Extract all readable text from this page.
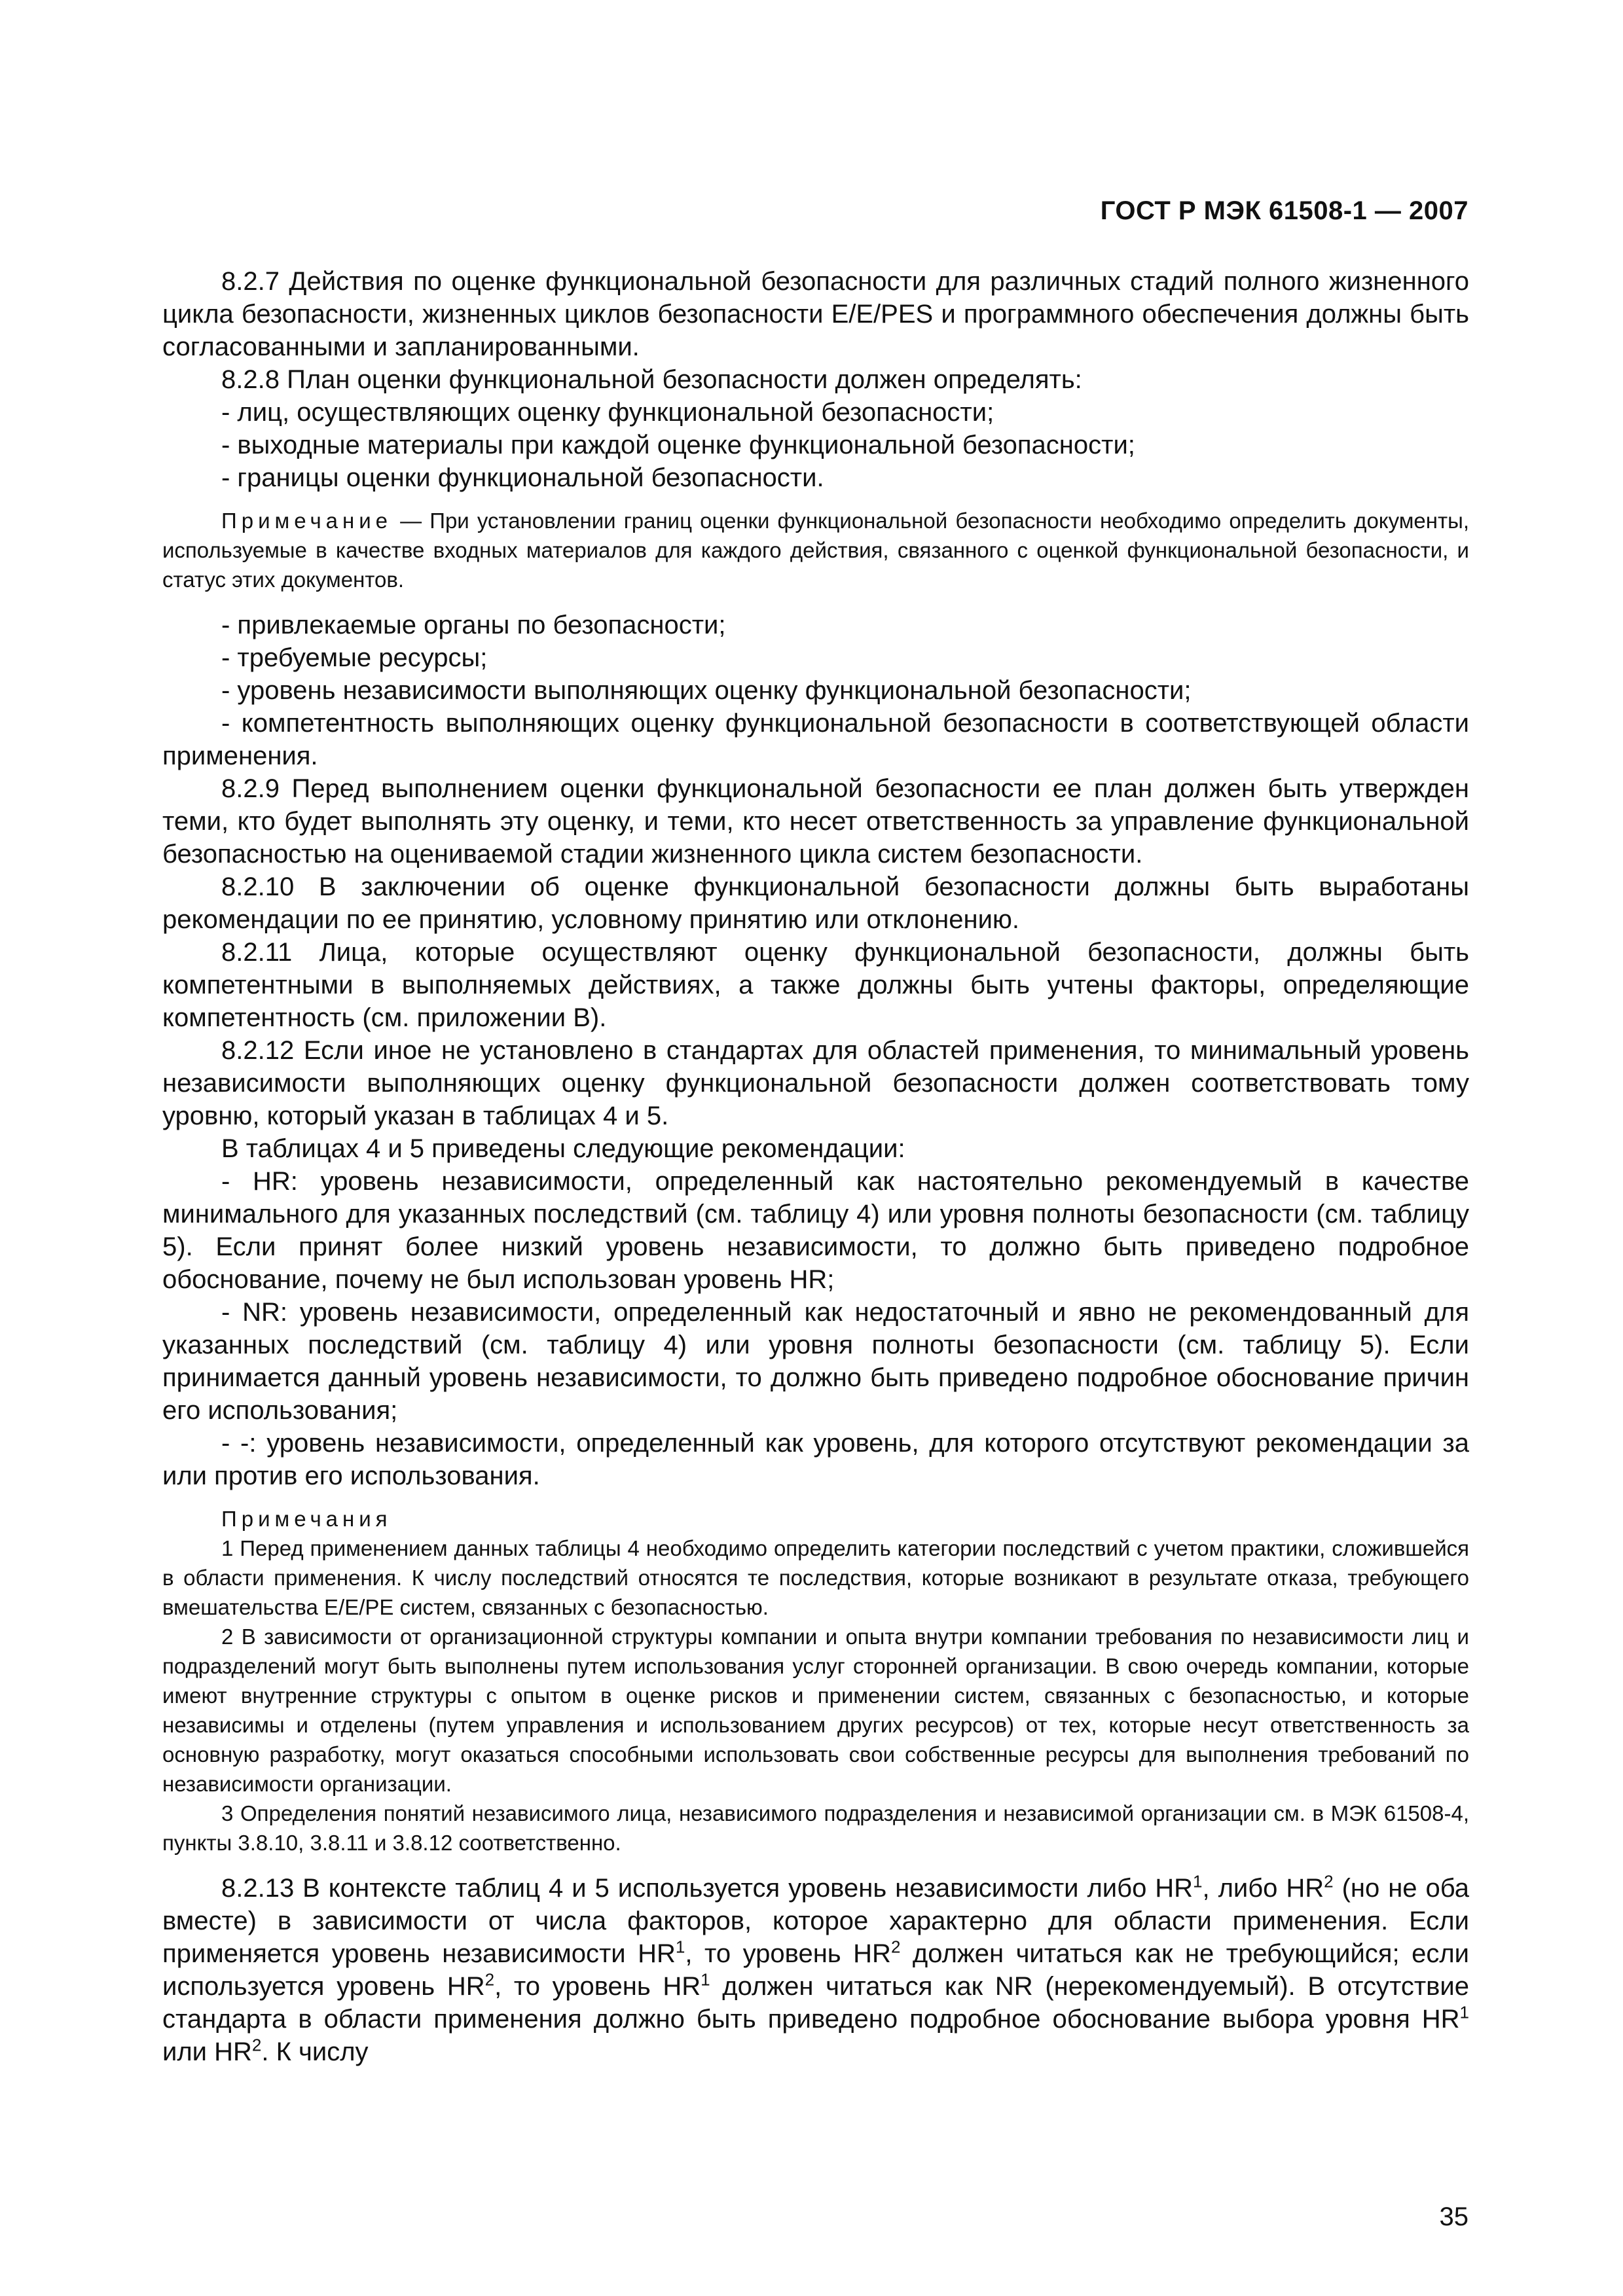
ГОСТ Р МЭК 61508-1 — 2007

8.2.7 Действия по оценке функциональной безопасности для различных стадий полного жизненного цикла безопасности, жизненных циклов безопасности E/E/PES и программного обеспечения должны быть согласованными и запланированными.

8.2.8 План оценки функциональной безопасности должен определять:

- лиц, осуществляющих оценку функциональной безопасности;

- выходные материалы при каждой оценке функциональной безопасности;

- границы оценки функциональной безопасности.

Примечание — При установлении границ оценки функциональной безопасности необходимо определить документы, используемые в качестве входных материалов для каждого действия, связанного с оценкой функциональной безопасности, и статус этих документов.

- привлекаемые органы по безопасности;

- требуемые ресурсы;

- уровень независимости выполняющих оценку функциональной безопасности;

- компетентность выполняющих оценку функциональной безопасности в соответствующей области применения.

8.2.9 Перед выполнением оценки функциональной безопасности ее план должен быть утвержден теми, кто будет выполнять эту оценку, и теми, кто несет ответственность за управление функциональной безопасностью на оцениваемой стадии жизненного цикла систем безопасности.

8.2.10 В заключении об оценке функциональной безопасности должны быть выработаны рекомендации по ее принятию, условному принятию или отклонению.

8.2.11 Лица, которые осуществляют оценку функциональной безопасности, должны быть компетентными в выполняемых действиях, а также должны быть учтены факторы, определяющие компетентность (см. приложении B).

8.2.12 Если иное не установлено в стандартах для областей применения, то минимальный уровень независимости выполняющих оценку функциональной безопасности должен соответствовать тому уровню, который указан в таблицах 4 и 5.

В таблицах 4 и 5 приведены следующие рекомендации:

- HR: уровень независимости, определенный как настоятельно рекомендуемый в качестве минимального для указанных последствий (см. таблицу 4) или уровня полноты безопасности (см. таблицу 5). Если принят более низкий уровень независимости, то должно быть приведено подробное обоснование, почему не был использован уровень HR;

- NR: уровень независимости, определенный как недостаточный и явно не рекомендованный для указанных последствий (см. таблицу 4) или уровня полноты безопасности (см. таблицу 5). Если принимается данный уровень независимости, то должно быть приведено подробное обоснование причин его использования;

- -: уровень независимости, определенный как уровень, для которого отсутствуют рекомендации за или против его использования.

Примечания

1 Перед применением данных таблицы 4 необходимо определить категории последствий с учетом практики, сложившейся в области применения. К числу последствий относятся те последствия, которые возникают в результате отказа, требующего вмешательства E/E/PE систем, связанных с безопасностью.

2 В зависимости от организационной структуры компании и опыта внутри компании требования по независимости лиц и подразделений могут быть выполнены путем использования услуг сторонней организации. В свою очередь компании, которые имеют внутренние структуры с опытом в оценке рисков и применении систем, связанных с безопасностью, и которые независимы и отделены (путем управления и использованием других ресурсов) от тех, которые несут ответственность за основную разработку, могут оказаться способными использовать свои собственные ресурсы для выполнения требований по независимости организации.

3 Определения понятий независимого лица, независимого подразделения и независимой организации см. в МЭК 61508-4, пункты 3.8.10, 3.8.11 и 3.8.12 соответственно.

8.2.13 В контексте таблиц 4 и 5 используется уровень независимости либо $HR^1$, либо $HR^2$ (но не оба вместе) в зависимости от числа факторов, которое характерно для области применения. Если применяется уровень независимости $HR^1$, то уровень $HR^2$ должен читаться как не требующийся; если используется уровень $HR^2$, то уровень $HR^1$ должен читаться как NR (нерекомендуемый). В отсутствие стандарта в области применения должно быть приведено подробное обоснование выбора уровня $HR^1$ или $HR^2$. К числу

35
